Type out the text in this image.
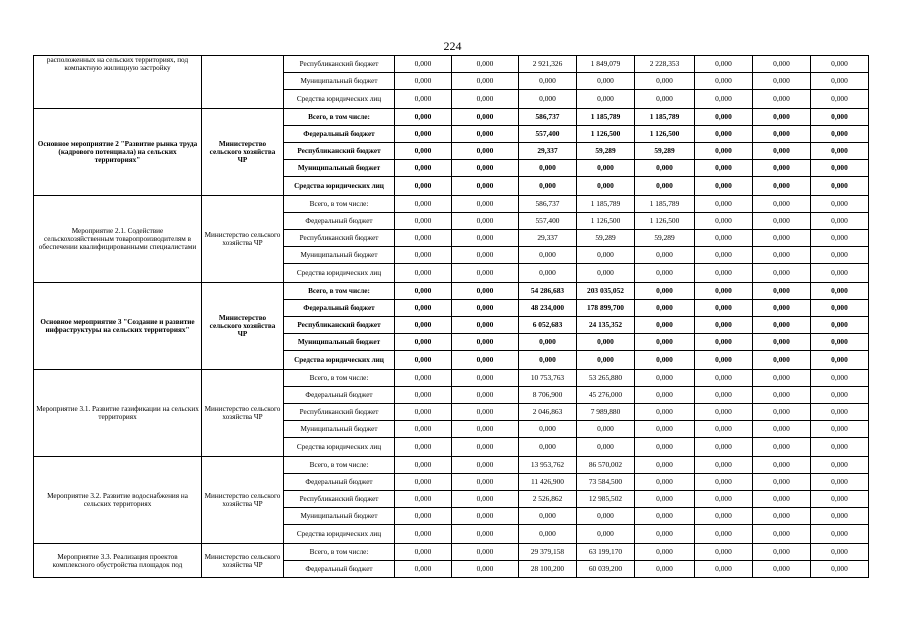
224
расположенных на сельских территориях, под компактную жилищную застройку		Республиканский бюджет	0,000	0,000	2 921,326	1 849,079	2 228,353	0,000	0,000	0,000
		Муниципальный бюджет	0,000	0,000	0,000	0,000	0,000	0,000	0,000	0,000
		Средства юридических лиц	0,000	0,000	0,000	0,000	0,000	0,000	0,000	0,000
Основное мероприятие 2 "Развитие рынка труда (кадрового потенциала) на сельских территориях"	Министерство сельского хозяйства ЧР	Всего, в том числе:	0,000	0,000	586,737	1 185,789	1 185,789	0,000	0,000	0,000
		Федеральный бюджет	0,000	0,000	557,400	1 126,500	1 126,500	0,000	0,000	0,000
		Республиканский бюджет	0,000	0,000	29,337	59,289	59,289	0,000	0,000	0,000
		Муниципальный бюджет	0,000	0,000	0,000	0,000	0,000	0,000	0,000	0,000
		Средства юридических лиц	0,000	0,000	0,000	0,000	0,000	0,000	0,000	0,000
Мероприятие 2.1. Содействие сельскохозяйственным товаропроизводителям в обеспечении квалифицированными специалистами	Министерство сельского хозяйства ЧР	Всего, в том числе:	0,000	0,000	586,737	1 185,789	1 185,789	0,000	0,000	0,000
		Федеральный бюджет	0,000	0,000	557,400	1 126,500	1 126,500	0,000	0,000	0,000
		Республиканский бюджет	0,000	0,000	29,337	59,289	59,289	0,000	0,000	0,000
		Муниципальный бюджет	0,000	0,000	0,000	0,000	0,000	0,000	0,000	0,000
		Средства юридических лиц	0,000	0,000	0,000	0,000	0,000	0,000	0,000	0,000
Основное мероприятие 3 "Создание и развитие инфраструктуры на сельских территориях"	Министерство сельского хозяйства ЧР	Всего, в том числе:	0,000	0,000	54 286,683	203 035,052	0,000	0,000	0,000	0,000
		Федеральный бюджет	0,000	0,000	48 234,000	178 899,700	0,000	0,000	0,000	0,000
		Республиканский бюджет	0,000	0,000	6 052,683	24 135,352	0,000	0,000	0,000	0,000
		Муниципальный бюджет	0,000	0,000	0,000	0,000	0,000	0,000	0,000	0,000
		Средства юридических лиц	0,000	0,000	0,000	0,000	0,000	0,000	0,000	0,000
Мероприятие 3.1. Развитие газификации на сельских территориях	Министерство сельского хозяйства ЧР	Всего, в том числе:	0,000	0,000	10 753,763	53 265,880	0,000	0,000	0,000	0,000
		Федеральный бюджет	0,000	0,000	8 706,900	45 276,000	0,000	0,000	0,000	0,000
		Республиканский бюджет	0,000	0,000	2 046,863	7 989,880	0,000	0,000	0,000	0,000
		Муниципальный бюджет	0,000	0,000	0,000	0,000	0,000	0,000	0,000	0,000
		Средства юридических лиц	0,000	0,000	0,000	0,000	0,000	0,000	0,000	0,000
Мероприятие 3.2. Развитие водоснабжения на сельских территориях	Министерство сельского хозяйства ЧР	Всего, в том числе:	0,000	0,000	13 953,762	86 570,002	0,000	0,000	0,000	0,000
		Федеральный бюджет	0,000	0,000	11 426,900	73 584,500	0,000	0,000	0,000	0,000
		Республиканский бюджет	0,000	0,000	2 526,862	12 985,502	0,000	0,000	0,000	0,000
		Муниципальный бюджет	0,000	0,000	0,000	0,000	0,000	0,000	0,000	0,000
		Средства юридических лиц	0,000	0,000	0,000	0,000	0,000	0,000	0,000	0,000
Мероприятие 3.3. Реализация проектов комплексного обустройства площадок под	Министерство сельского хозяйства ЧР	Всего, в том числе:	0,000	0,000	29 379,158	63 199,170	0,000	0,000	0,000	0,000
		Федеральный бюджет	0,000	0,000	28 100,200	60 039,200	0,000	0,000	0,000	0,000
